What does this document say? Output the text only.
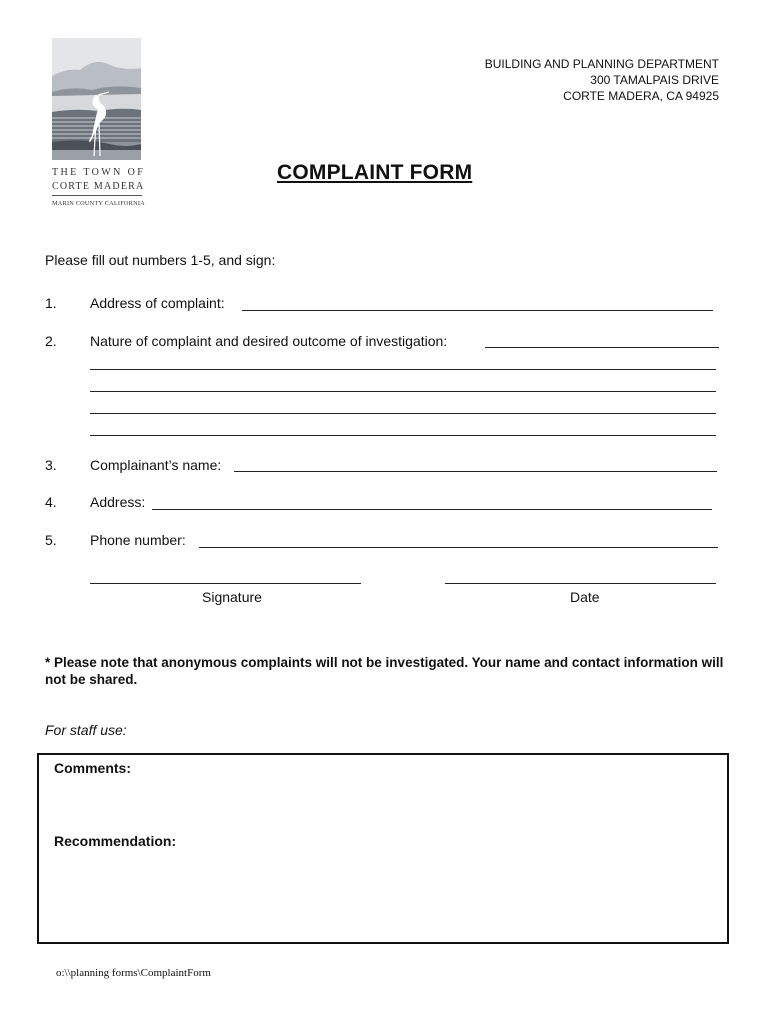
THE TOWN OF
CORTE MADERA
MARIN COUNTY CALIFORNIA
BUILDING AND PLANNING DEPARTMENT
300 TAMALPAIS DRIVE
CORTE MADERA, CA 94925
COMPLAINT FORM
Please fill out numbers 1-5, and sign:
1. Address of complaint:
2. Nature of complaint and desired outcome of investigation:
3. Complainant’s name:
4. Address:
5. Phone number:
Signature	Date
* Please note that anonymous complaints will not be investigated. Your name and contact information will not be shared.
For staff use:
Comments:
Recommendation:
o:\\planning forms\ComplaintForm
